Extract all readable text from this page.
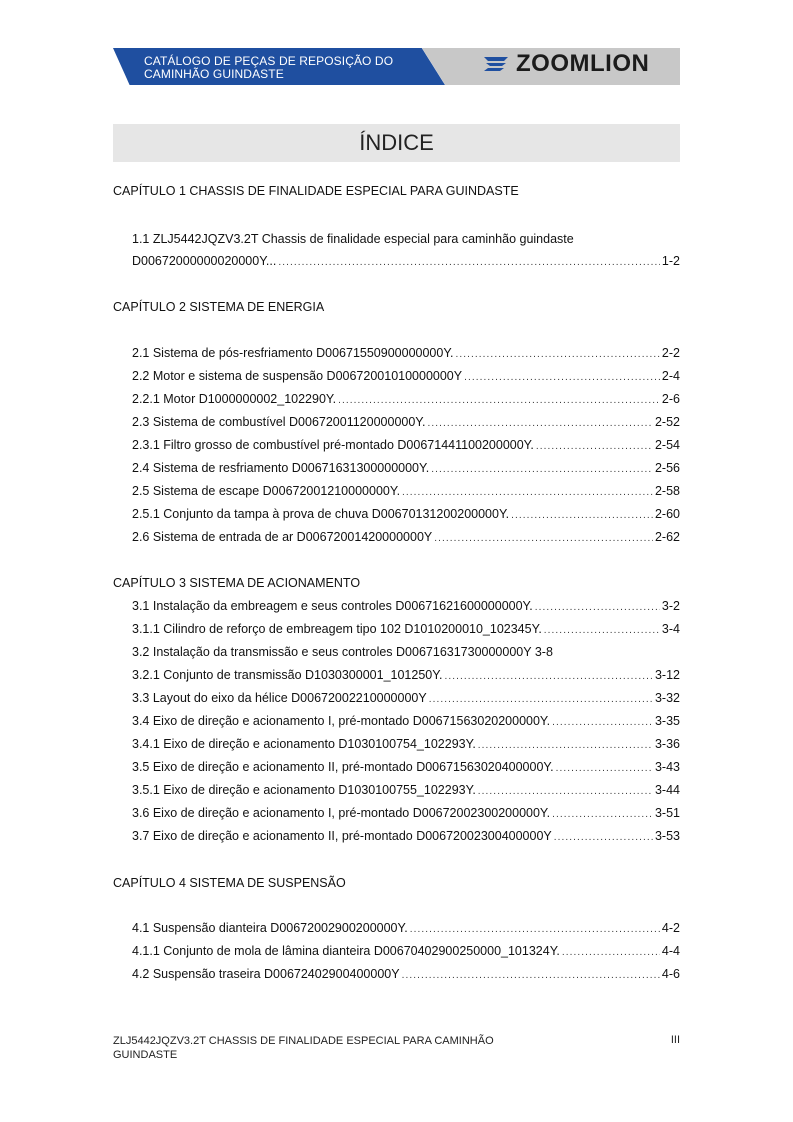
CATÁLOGO DE PEÇAS DE REPOSIÇÃO DO
CAMINHÃO GUINDASTE	ZOOMLION
ÍNDICE
CAPÍTULO 1 CHASSIS DE FINALIDADE ESPECIAL PARA GUINDASTE
1.1 ZLJ5442JQZV3.2T Chassis de finalidade especial para caminhão guindaste
D00672000000020000Y... .....	1-2
CAPÍTULO 2 SISTEMA DE ENERGIA
2.1 Sistema de pós-resfriamento D00671550900000000Y. .....	2-2
2.2 Motor e sistema de suspensão D00672001010000000Y .....	2-4
2.2.1 Motor D1000000002_102290Y. .....	2-6
2.3 Sistema de combustível D00672001120000000Y. .....	2-52
2.3.1 Filtro grosso de combustível pré-montado D00671441100200000Y. .....	2-54
2.4 Sistema de resfriamento D00671631300000000Y. .....	2-56
2.5 Sistema de escape D00672001210000000Y. .....	2-58
2.5.1 Conjunto da tampa à prova de chuva D00670131200200000Y. .....	2-60
2.6 Sistema de entrada de ar D00672001420000000Y .....	2-62
CAPÍTULO 3 SISTEMA DE ACIONAMENTO
3.1 Instalação da embreagem e seus controles D00671621600000000Y. .....	3-2
3.1.1 Cilindro de reforço de embreagem tipo 102 D1010200010_102345Y. .....	3-4
3.2 Instalação da transmissão e seus controles D00671631730000000Y 3-8
3.2.1 Conjunto de transmissão D1030300001_101250Y. .....	3-12
3.3 Layout do eixo da hélice D00672002210000000Y .....	3-32
3.4 Eixo de direção e acionamento I, pré-montado D00671563020200000Y. .....	3-35
3.4.1 Eixo de direção e acionamento D1030100754_102293Y. .....	3-36
3.5 Eixo de direção e acionamento II, pré-montado D00671563020400000Y. .....	3-43
3.5.1 Eixo de direção e acionamento D1030100755_102293Y. .....	3-44
3.6 Eixo de direção e acionamento I, pré-montado D00672002300200000Y. .....	3-51
3.7 Eixo de direção e acionamento II, pré-montado D00672002300400000Y .....	3-53
CAPÍTULO 4 SISTEMA DE SUSPENSÃO
4.1 Suspensão dianteira D00672002900200000Y. .....	4-2
4.1.1 Conjunto de mola de lâmina dianteira D00670402900250000_101324Y. .....	4-4
4.2 Suspensão traseira D00672402900400000Y .....	4-6
ZLJ5442JQZV3.2T CHASSIS DE FINALIDADE ESPECIAL PARA CAMINHÃO
GUINDASTE
III
